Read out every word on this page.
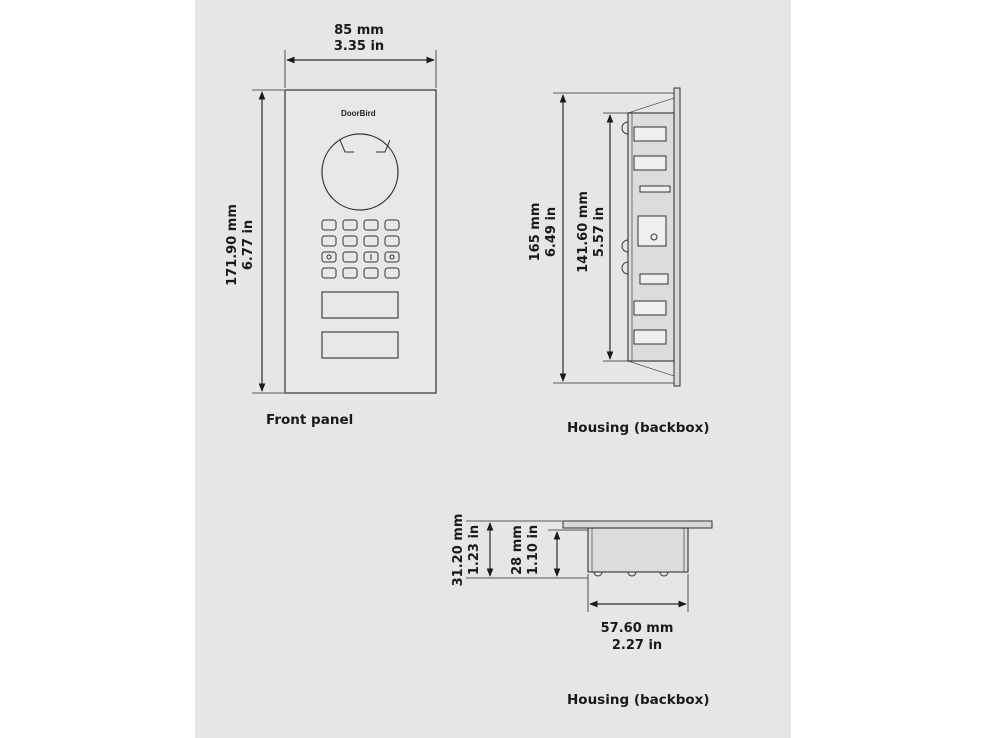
DoorBird
85 mm
3.35 in
171.90 mm 6.77 in
Front panel
165 mm 6.49 in 141.60 mm 5.57 in
Housing (backbox)
31.20 mm 1.23 in 28 mm 1.10 in
57.60 mm
2.27 in
Housing (backbox)
